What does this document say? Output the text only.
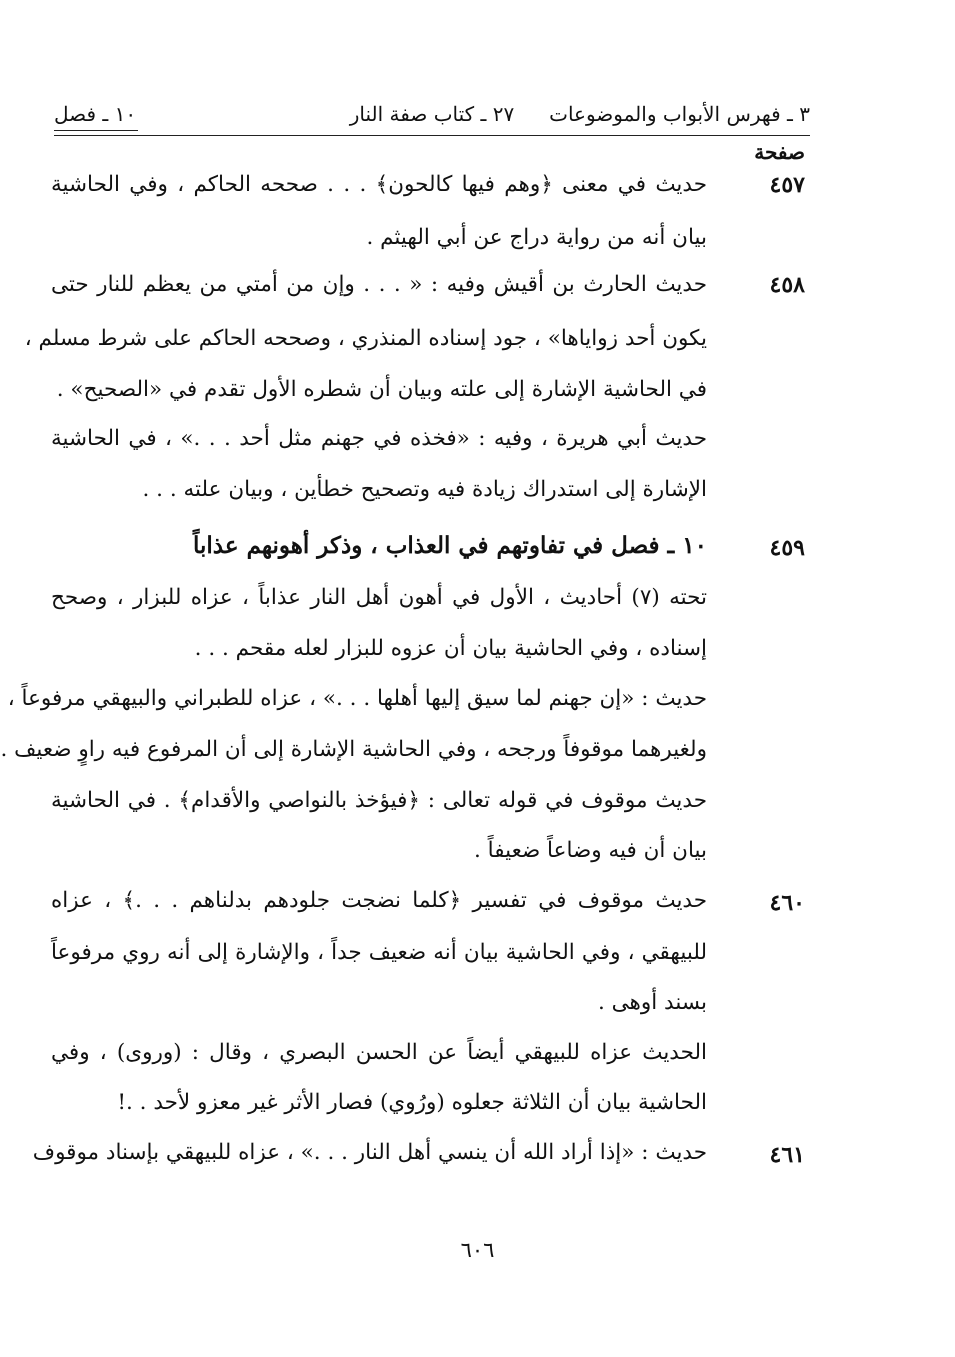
٣ ـ فهرس الأبواب والموضوعات
٢٧ ـ كتاب صفة النار
١٠ ـ فصل
صفحة
٤٥٧
حديث في معنى ﴿وهم فيها كالحون﴾ . . . صححه الحاكم ، وفي الحاشية
بيان أنه من رواية دراج عن أبي الهيثم .
٤٥٨
حديث الحارث بن أقيش وفيه : « . . . وإن من أمتي من يعظم للنار حتى
يكون أحد زواياها» ، جود إسناده المنذري ، وصححه الحاكم على شرط مسلم ،
في الحاشية الإشارة إلى علته وبيان أن شطره الأول تقدم في «الصحيح» .
حديث أبي هريرة ، وفيه : «فخذه في جهنم مثل أحد . . .» ، في الحاشية
الإشارة إلى استدراك زيادة فيه وتصحيح خطأين ، وبيان علته . . .
٤٥٩
١٠ ـ فصل في تفاوتهم في العذاب ، وذكر أهونهم عذاباً
تحته (٧) أحاديث ، الأول في أهون أهل النار عذاباً ، عزاه للبزار ، وصحح
إسناده ، وفي الحاشية بيان أن عزوه للبزار لعله مقحم . . .
حديث : «إن جهنم لما سيق إليها أهلها . . .» ، عزاه للطبراني والبيهقي مرفوعاً ،
ولغيرهما موقوفاً ورجحه ، وفي الحاشية الإشارة إلى أن المرفوع فيه راوٍ ضعيف .
حديث موقوف في قوله تعالى : ﴿فيؤخذ بالنواصي والأقدام﴾ . في الحاشية
بيان أن فيه وضاعاً ضعيفاً .
٤٦٠
حديث موقوف في تفسير ﴿كلما نضجت جلودهم بدلناهم . . .﴾ ، عزاه
للبيهقي ، وفي الحاشية بيان أنه ضعيف جداً ، والإشارة إلى أنه روي مرفوعاً
بسند أوهى .
الحديث عزاه للبيهقي أيضاً عن الحسن البصري ، وقال : (وروى) ، وفي
الحاشية بيان أن الثلاثة جعلوه (ورُوي) فصار الأثر غير معزو لأحد . .!
٤٦١
حديث : «إذا أراد الله أن ينسي أهل النار . . .» ، عزاه للبيهقي بإسناد موقوف
٦٠٦
